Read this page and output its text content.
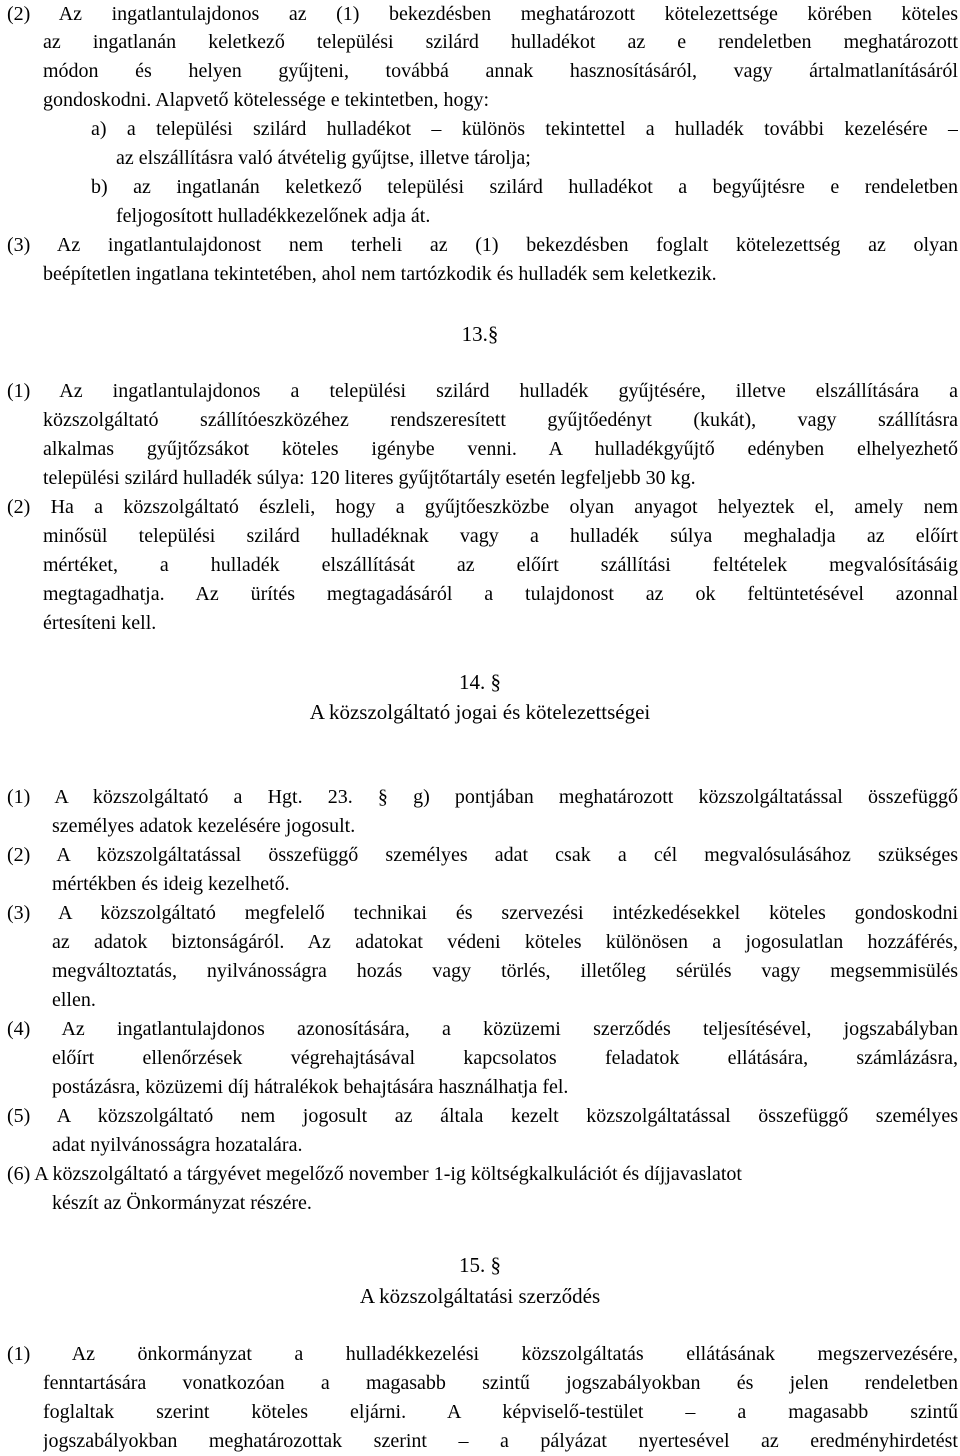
(2) Az ingatlantulajdonos az (1) bekezdésben meghatározott kötelezettsége körében köteles
az ingatlanán keletkező települési szilárd hulladékot az e rendeletben meghatározott
módon és helyen gyűjteni, továbbá annak hasznosításáról, vagy ártalmatlanításáról
gondoskodni. Alapvető kötelessége e tekintetben, hogy:
a) a települési szilárd hulladékot – különös tekintettel a hulladék további kezelésére –
az elszállításra való átvételig gyűjtse, illetve tárolja;
b) az ingatlanán keletkező települési szilárd hulladékot a begyűjtésre e rendeletben
feljogosított hulladékkezelőnek adja át.
(3) Az ingatlantulajdonost nem terheli az (1) bekezdésben foglalt kötelezettség az olyan
beépítetlen ingatlana tekintetében, ahol nem tartózkodik és hulladék sem keletkezik.
13.§
(1) Az ingatlantulajdonos a települési szilárd hulladék gyűjtésére, illetve elszállítására a
közszolgáltató szállítóeszközéhez rendszeresített gyűjtőedényt (kukát), vagy szállításra
alkalmas gyűjtőzsákot köteles igénybe venni. A hulladékgyűjtő edényben elhelyezhető
települési szilárd hulladék súlya: 120 literes gyűjtőtartály esetén legfeljebb 30 kg.
(2) Ha a közszolgáltató észleli, hogy a gyűjtőeszközbe olyan anyagot helyeztek el, amely nem
minősül települési szilárd hulladéknak vagy a hulladék súlya meghaladja az előírt
mértéket, a hulladék elszállítását az előírt szállítási feltételek megvalósításáig
megtagadhatja. Az ürítés megtagadásáról a tulajdonost az ok feltüntetésével azonnal
értesíteni kell.
14. §
A közszolgáltató jogai és kötelezettségei
(1) A közszolgáltató a Hgt. 23. § g) pontjában meghatározott közszolgáltatással összefüggő
személyes adatok kezelésére jogosult.
(2) A közszolgáltatással összefüggő személyes adat csak a cél megvalósulásához szükséges
mértékben és ideig kezelhető.
(3) A közszolgáltató megfelelő technikai és szervezési intézkedésekkel köteles gondoskodni
az adatok biztonságáról. Az adatokat védeni köteles különösen a jogosulatlan hozzáférés,
megváltoztatás, nyilvánosságra hozás vagy törlés, illetőleg sérülés vagy megsemmisülés
ellen.
(4) Az ingatlantulajdonos azonosítására, a közüzemi szerződés teljesítésével, jogszabályban
előírt ellenőrzések végrehajtásával kapcsolatos feladatok ellátására, számlázásra,
postázásra, közüzemi díj hátralékok behajtására használhatja fel.
(5) A közszolgáltató nem jogosult az általa kezelt közszolgáltatással összefüggő személyes
adat nyilvánosságra hozatalára.
(6) A közszolgáltató a tárgyévet megelőző november 1-ig költségkalkulációt és díjjavaslatot
készít az Önkormányzat részére.
15. §
A közszolgáltatási szerződés
(1) Az önkormányzat a hulladékkezelési közszolgáltatás ellátásának megszervezésére,
fenntartására vonatkozóan a magasabb szintű jogszabályokban és jelen rendeletben
foglaltak szerint köteles eljárni. A képviselő-testület – a magasabb szintű
jogszabályokban meghatározottak szerint – a pályázat nyertesével az eredményhirdetést
